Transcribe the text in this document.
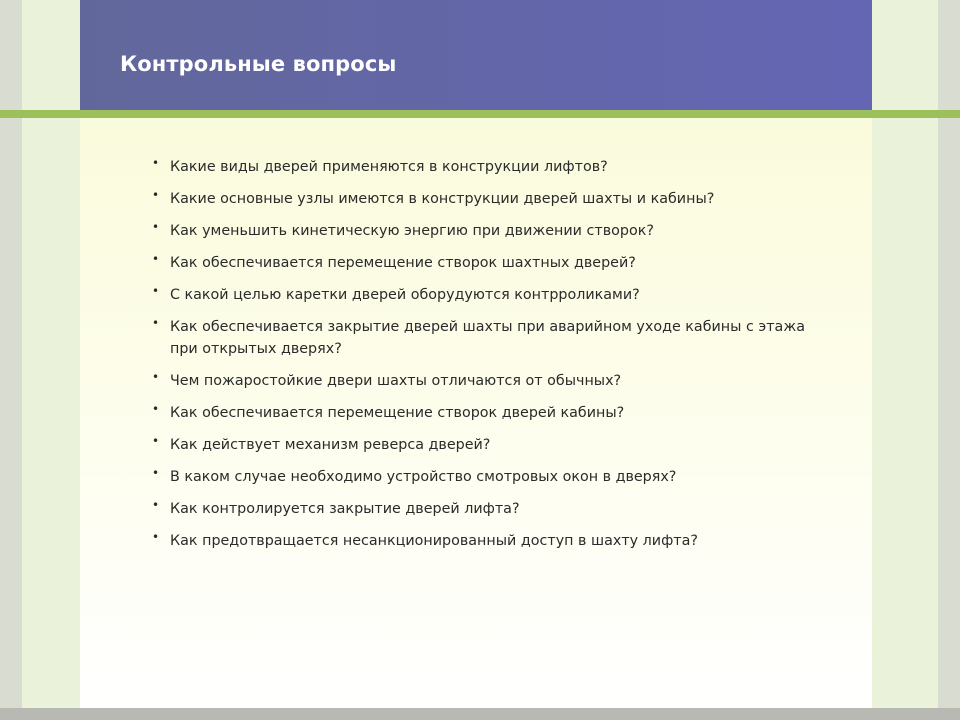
Контрольные вопросы
• Какие виды дверей применяются в конструкции лифтов?
• Какие основные узлы имеются в конструкции дверей шахты и кабины?
• Как уменьшить кинетическую энергию при движении створок?
• Как обеспечивается перемещение створок шахтных дверей?
• С какой целью каретки дверей оборудуются контрроликами?
• Как обеспечивается закрытие дверей шахты при аварийном уходе кабины с этажа при открытых дверях?
• Чем пожаростойкие двери шахты отличаются от обычных?
• Как обеспечивается перемещение створок дверей кабины?
• Как действует механизм реверса дверей?
• В каком случае необходимо устройство смотровых окон в дверях?
• Как контролируется закрытие дверей лифта?
• Как предотвращается несанкционированный доступ в шахту лифта?
